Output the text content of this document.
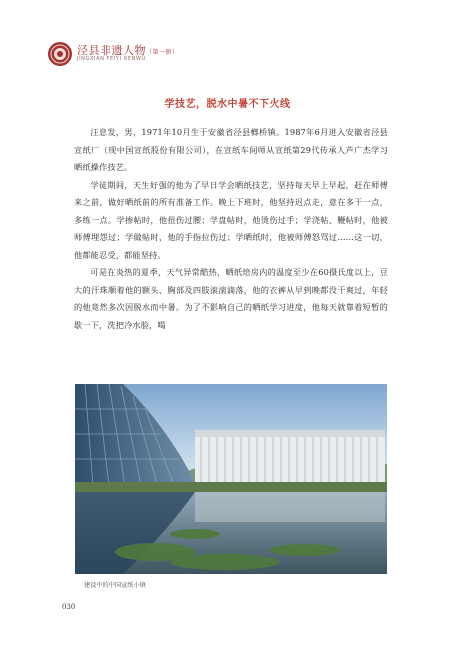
泾县非遗人物（第一册）
JINGXIAN FEIYI RENWU
学技艺，脱水中暑不下火线

汪息发，男，1971年10月生于安徽省泾县榔桥镇。1987年6月进入安徽省泾县宣纸厂（现中国宣纸股份有限公司），在宣纸车间师从宣纸第29代传承人芦广杰学习晒纸操作技艺。

学徒期间，天生好强的他为了早日学会晒纸技艺，坚持每天早上早起，赶在师傅来之前，做好晒纸前的所有准备工作。晚上下班时，他坚持迟点走，意在多干一点，多练一点。学掺帖时，他扭伤过腰；学盘帖时，他烫伤过手；学浇帖、鞭帖时，他被师傅埋怨过；学做帖时，他的手指拉伤过；学晒纸时，他被师傅怒骂过……这一切，他都能忍受，都能坚持。

可是在炎热的夏季，天气异常酷热，晒纸焙房内的温度至少在60摄氏度以上，豆大的汗珠顺着他的额头、胸部及四肢滚滚滴落，他的衣裤从早到晚都没干爽过，年轻的他竟然多次因脱水而中暑。为了不影响自己的晒纸学习进度，他每天就靠着短暂的歇一下，洗把冷水脸，喝

建设中的中国宣纸小镇
030
